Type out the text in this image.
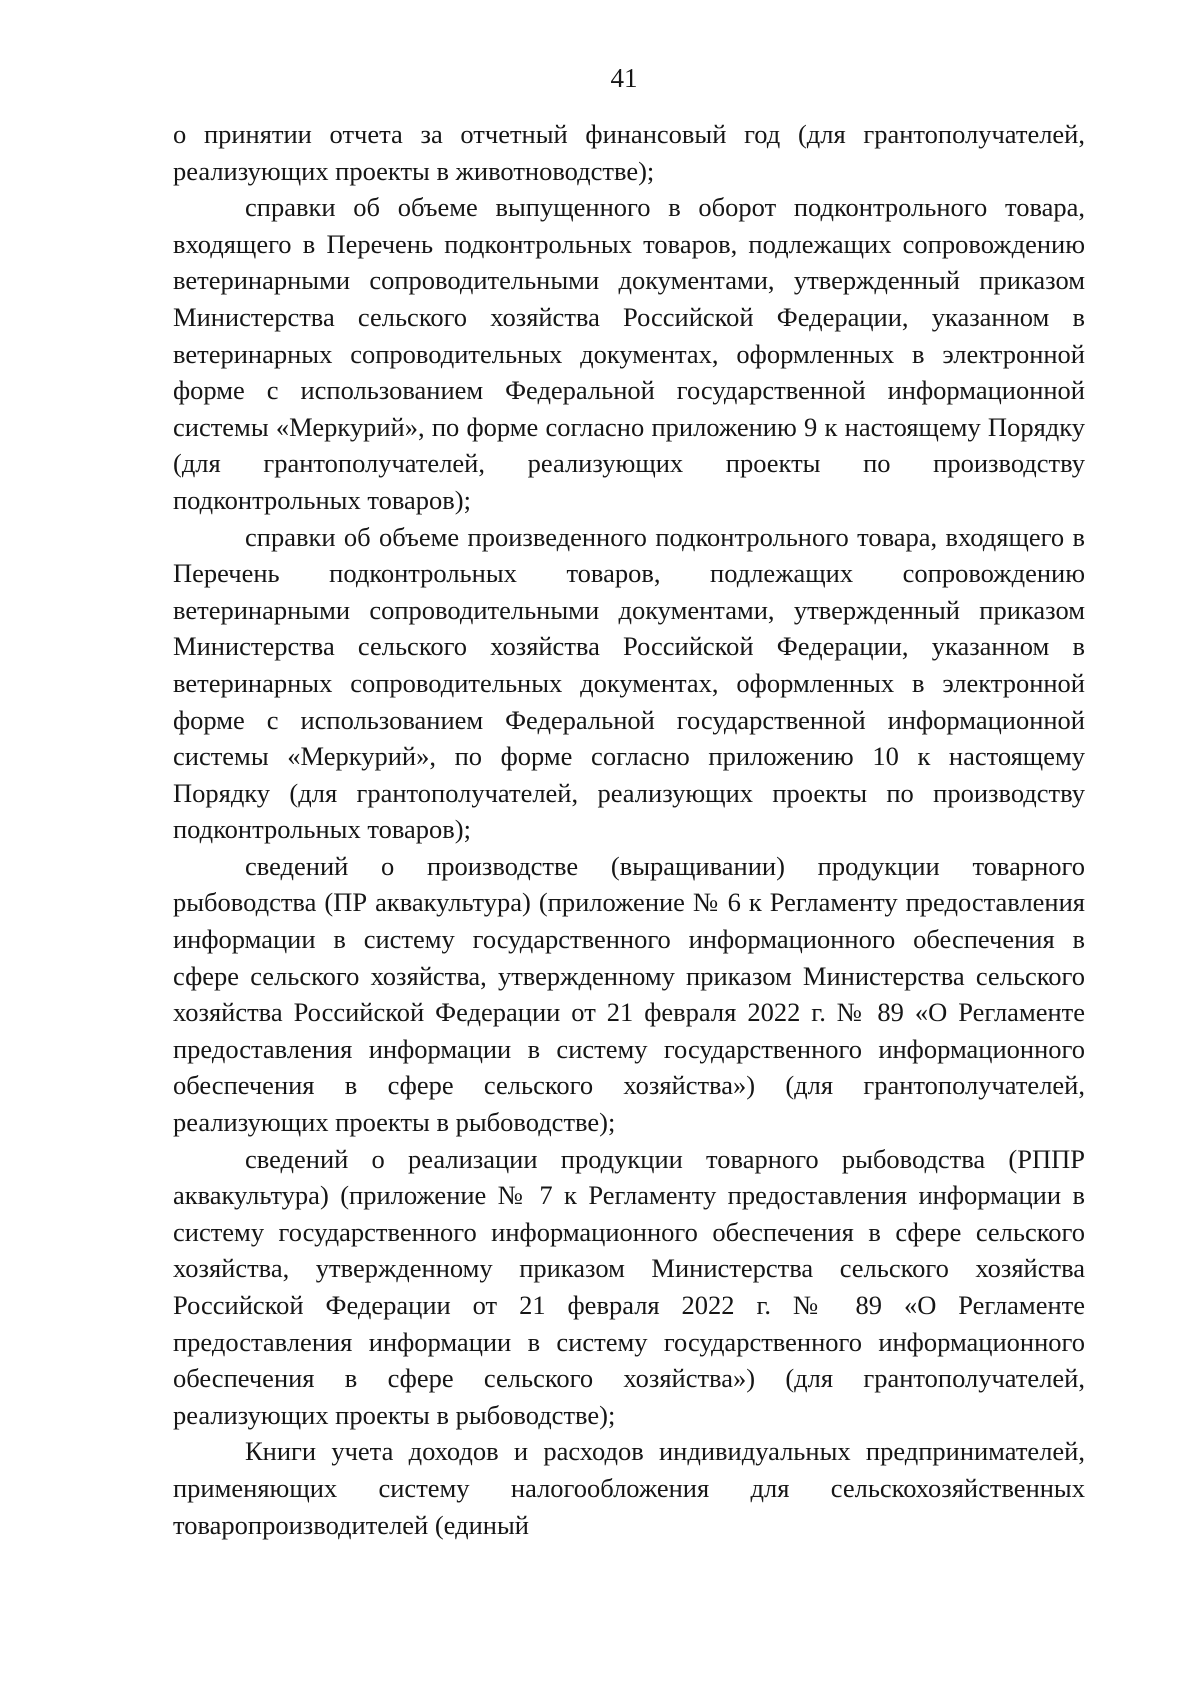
41

о принятии отчета за отчетный финансовый год (для грантополучателей, реализующих проекты в животноводстве);

справки об объеме выпущенного в оборот подконтрольного товара, входящего в Перечень подконтрольных товаров, подлежащих сопровождению ветеринарными сопроводительными документами, утвержденный приказом Министерства сельского хозяйства Российской Федерации, указанном в ветеринарных сопроводительных документах, оформленных в электронной форме с использованием Федеральной государственной информационной системы «Меркурий», по форме согласно приложению 9 к настоящему Порядку (для грантополучателей, реализующих проекты по производству подконтрольных товаров);

справки об объеме произведенного подконтрольного товара, входящего в Перечень подконтрольных товаров, подлежащих сопровождению ветеринарными сопроводительными документами, утвержденный приказом Министерства сельского хозяйства Российской Федерации, указанном в ветеринарных сопроводительных документах, оформленных в электронной форме с использованием Федеральной государственной информационной системы «Меркурий», по форме согласно приложению 10 к настоящему Порядку (для грантополучателей, реализующих проекты по производству подконтрольных товаров);

сведений о производстве (выращивании) продукции товарного рыбоводства (ПР аквакультура) (приложение № 6 к Регламенту предоставления информации в систему государственного информационного обеспечения в сфере сельского хозяйства, утвержденному приказом Министерства сельского хозяйства Российской Федерации от 21 февраля 2022 г. № 89 «О Регламенте предоставления информации в систему государственного информационного обеспечения в сфере сельского хозяйства») (для грантополучателей, реализующих проекты в рыбоводстве);

сведений о реализации продукции товарного рыбоводства (РППР аквакультура) (приложение № 7 к Регламенту предоставления информации в систему государственного информационного обеспечения в сфере сельского хозяйства, утвержденному приказом Министерства сельского хозяйства Российской Федерации от 21 февраля 2022 г. № 89 «О Регламенте предоставления информации в систему государственного информационного обеспечения в сфере сельского хозяйства») (для грантополучателей, реализующих проекты в рыбоводстве);

Книги учета доходов и расходов индивидуальных предпринимателей, применяющих систему налогообложения для сельскохозяйственных товаропроизводителей (единый
